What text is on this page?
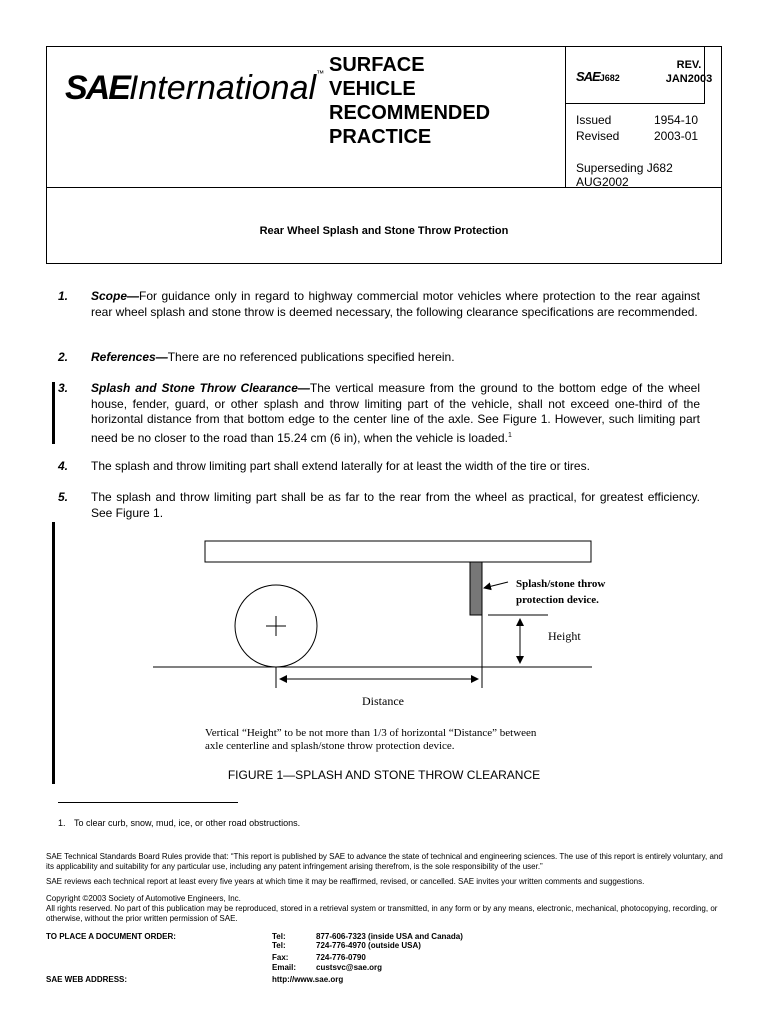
SAEInternational™ SURFACE
VEHICLE
RECOMMENDED
PRACTICE
SAEJ682
Issued	1954-10
Revised	2003-01
Superseding J682 AUG2002
Rear Wheel Splash and Stone Throw Protection
REV.
JAN2003
1. Scope—For guidance only in regard to highway commercial motor vehicles where protection to the rear against rear wheel splash and stone throw is deemed necessary, the following clearance specifications are recommended.
2. References—There are no referenced publications specified herein.
3. Splash and Stone Throw Clearance—The vertical measure from the ground to the bottom edge of the wheel house, fender, guard, or other splash and throw limiting part of the vehicle, shall not exceed one-third of the horizontal distance from that bottom edge to the center line of the axle. See Figure 1. However, such limiting part need be no closer to the road than 15.24 cm (6 in), when the vehicle is loaded.$^1$
4. The splash and throw limiting part shall extend laterally for at least the width of the tire or tires.
5. The splash and throw limiting part shall be as far to the rear from the wheel as practical, for greatest efficiency. See Figure 1.
Splash/stone throw
protection device.
Height
Distance
Vertical “Height” to be not more than 1/3 of horizontal “Distance” between
axle centerline and splash/stone throw protection device.
FIGURE 1—SPLASH AND STONE THROW CLEARANCE
1. To clear curb, snow, mud, ice, or other road obstructions.
SAE Technical Standards Board Rules provide that: “This report is published by SAE to advance the state of technical and engineering sciences. The use of this report is entirely voluntary, and its applicability and suitability for any particular use, including any patent infringement arising therefrom, is the sole responsibility of the user.”
SAE reviews each technical report at least every five years at which time it may be reaffirmed, revised, or cancelled. SAE invites your written comments and suggestions.
Copyright ©2003 Society of Automotive Engineers, Inc.
All rights reserved. No part of this publication may be reproduced, stored in a retrieval system or transmitted, in any form or by any means, electronic, mechanical, photocopying, recording, or otherwise, without the prior written permission of SAE.
TO PLACE A DOCUMENT ORDER:
SAE WEB ADDRESS:
Tel:
Tel:
Fax:
Email:
877-606-7323 (inside USA and Canada)
724-776-4970 (outside USA)
724-776-0790
custsvc@sae.org
http://www.sae.org
